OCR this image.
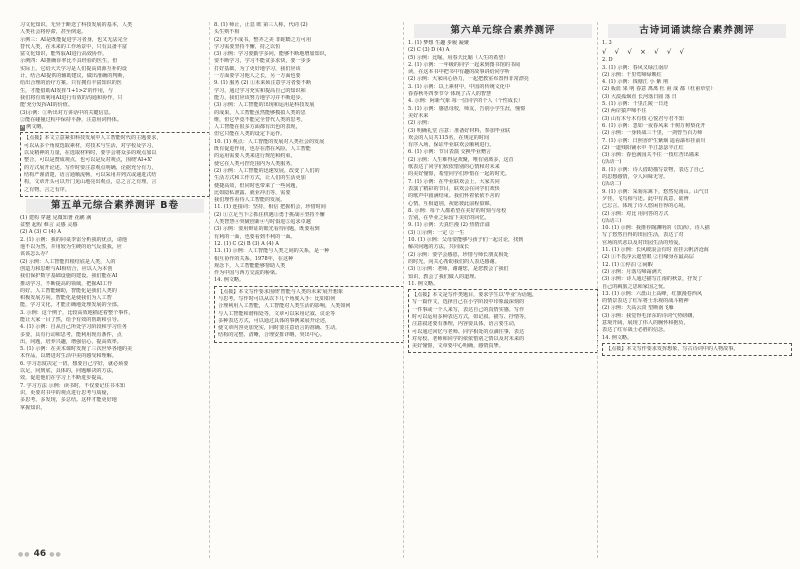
习文化知识。无异于断送了科技发展的基本，人类
人类社会将停滞，甚至倒退。
示例三：AI是既能促进学习者身，也又无法完全
替代人类，在未来的工作场景中，只有具备丰富
富文化知识，能驾驭AI进行高效协作。
示例四：AI推确诊率比不具经验的医生，但
实际上，它给大夫学习是人们提高资源互补的设
计，结合AI提供的辅助建议，做出准确的判断，
给出合理的治疗方案。只有拥有丰富知识的医
生，才能借助AI发挥'1+1>2'的作用，与
我们将有效利用AI进行有效的沟通和协作，只
能'充分发挥AI的价值。
(3)示例：①听出对方讲话中的关键信息。
②能在碰撞过程中保持平静，注意用词得体。
A 例文略。
【点拨】本文立意紧扣科技发展中人工智能时代的主题要求，
可以从多个角度选取素材，对技术与生活，对学校及学习，
以及精神的力量，在选取材料时，要学会将众多的观点加以
整合，可以是赞成观点，也可以是反对观点，围绕'AI+X'
的方式展开论述。写作时要注意观点明确，论据充分有力，
结构严谨清楚，语言通顺流畅，可以采用并列式或递进式结
构，文章开头可以开门见山地亮出观点，总之言之有理，言
之有物，言之有序。
第五单元综合素养测评 B卷
(1) 建构 穿越 见微知著 花鹂 满
盆整 起程 难言 灵感 灵感
(2) A (3) C (4) A
2. (1) 示例：我的同桌李雷分析我的优点，请他
他不以为然，并用较为生硬的语气反驳我，应
该该怎么办？
(2) 示例：人工智能归根结底是人类，人的
创造力和思维与AI相结合，应以人为本创
我们保护数字基础设施的建设。我们能在AI
推动学习，不断提高的领域，把握AI工作
的好。人工智能辅助，智能化是我们人类的
积极发展方向。智能化是使我们为人工智
能，学习文化，才能正确地处理发展的全部。
3. 示例：这个例子，比较高效地描述着整个事件，
能让大家一目了然，给予有效的帮助和引导。
4. (1) 示例：自从自己所处学习阶段和学习任务
多要，具有行动和思考，能利用现有条件，点
出，问题，培养兴趣，增强信心，提高效率。
5. (1) 示例：在美术课时发现了三次世界各地的美
术作品，以增进对生活中美的感受和理解。
6. 学习态度决定一切，想要自己学好，就必须要
以足，问到底，具体的，问题解决的方法，
效，促进他们在学习上不断进步提高。
7. 学习方法 示例：读书时，不仅要记住书本知
识，更要对书中的观点进行思考与质疑，
多思考，多发现，多总结。这样才能更好地
掌握知识。
8. (1) 师止，止息 欧 第三人称，代词 (2)
头生则不相
(2) 无巧不成书，整齐之美 非蛇蟒之方可用
学习需要坚持不懈，持之以恒
(3) 示例：学习要勤学多问，能够不断地增加知识，
要不断学习，学习不能贪多求快，要一步步
打好基础，为了更好地学习，我们应该
一方面要学习他人之长，另一方面也要
9. (1) 服务 (2) ①未来须注意学习者要不断
学习，通过学习充实和提高自己的知识和
能力，我们应该努力地学习并不断进步。
(3) 示例：人工智能的出现和运用是科技发展
的成果，人工智能虽然能够模拟人类的思
维，但它毕竟不能完全替代人类的思考。
人工智能在很多方面都有出色的表现，
但它只能在人类的设定下运作。
10. (1) 观点：人工智能的发展对人类社会的发展
既有促进作用，也存在潜在风险。人工智能
的运用需要人类来进行规范和约束，
使它在人类可控范围内为人类服务。
(2) 示例：人工智能的迅速发展，改变了人们的
生活方式和工作方式，让人们的生活更加
便捷高效，但同时也带来了一些问题，
比如隐私泄露、就业冲击等，需要
我们理性看待人工智能的发展。
11. (1) 连接词：坚持，相信 把握机会，珍惜时间
(2) ①立足当下②抓住机遇③勇于挑战④坚持不懈
人类智慧④突破创新④与时俱进⑤追求卓越
(3) 示例：要用辩证的眼光看待问题，既要看到
有利的一面，也要看到不利的一面。
12. (1) C (2) B (3) A (4) A
13. (1) 示例：人工智能与人类之间的关系，是一种
相互协作的关系。1978年，在这种
观念下，人工智能能够帮助人类
作为中国与西方交流的桥梁。
14. 例文略。
【点拨】本文写作要求围绕'智能与人类的未来'展开想象
与思考。写作时可以从以下几个角度入手：比如如何
合理利用人工智能，人工智能对人类生活的影响，人类如何
与人工智能和谐相处等，文章可以采用记叙、议论等
多种表达方式，可以通过具体的事例来展开论述，
使文章内容更加充实，同时要注意语言的准确、生动，
结构的完整、清晰，合理安排详略，突出中心。
第六单元综合素养测评
1. (1) 梦想 生趣 步履 凝聚
(2) C (3) D (4) A
(5) 示例：比喻，用春天比喻（人生的希望）
2. (1) 示例：一年级的同学一起来到图书馆的书阅
读，在这本书中把书中有趣的故事讲给同学听
(2) 示例：大家同心协力，一起把教室布置得非常漂亮
3. (1) 示例：以上素材中，中国的传统文化中
春春秋冬四季节令 体现了古人的智慧
4. 示例：阿新气象 每一位同学的个人（个性成长）
5. (1) 示例：感恩母校，师友，告别小学生涯，憧憬
美好未来
(2) 示例：
(3) 明确礼堂 注意：准备好材料，参加毕业联
欢会的人员共115名，在规定的时间
有序入场，保证毕业联欢会顺利进行。
6. (1) 示例：节目表演 交换毕业赠言
(2) 示例：人生难得是欢聚，唯有别离多，这首
歌表达了同学们依依惜别的心情和对未来
的美好憧憬，希望同学们珍惜在一起的时光。
7. (1) 示例：在毕业联欢会上，大家共同
表演了精彩的节目，联欢会在同学们欢快
的歌声中圆满结束。我们怀着依依不舍的
心情，互相道别，祝愿彼此前程似锦。
8. 示例：每个人都希望在美好的时刻与母校
告别，在毕业之际留下美好的回忆。
9. (1) 示例：天真烂漫 (2) 热情洋溢
(3) ①示例：一定 ②一生
10. (1) 示例：父母要能够与孩子们一起讨论，找到
解决问题的方法，共同成长
(2) 示例：要学会感恩，珍惜与师长朋友相处
的时光，向关心帮助我们的人表达感谢。
(3) ①示例：老师，谢谢您，是您教会了我们
知识，教会了我们做人的道理。
11. 例文略。
【点拨】本文是写作类题目，要求学生以'毕业'为话题，
写一篇作文，选择自己在小学阶段中印象最深刻的
一件事或一个人来写，表达自己的真情实感。写作
时可以运用多种表达方式，如记叙、描写、抒情等，
注意叙述要有条理，内容要具体，语言要生动，
可以通过回忆与老师、同学相处的点滴往事，表达
对母校、老师和同学的依依惜别之情以及对未来的
美好憧憬，文章要中心明确，感情真挚。
古诗词诵读综合素养测评
1. 3
√ √ √ × √ √ √
2. D
3. (1) 示例：春风又绿江南岸
(2) 示例：千里莺啼绿映红
4. (1) 示例：钱塘江 小 紫 荆
(2) 板蓝 果 明 春意 离离 杜 甫 成 都（杜甫草堂）
(3) 大漠孤烟直 长河落日圆 落 日
5. (1) 示例：千里江陵一日还
(2) 两岸猿声啼不住
(3) 山有木兮木有枝 心悦君兮君不知
6. (1) 示例：忽如一夜春风来 千树万树梨花开
(2) 示例：一身转战三千里，一剑曾当百万师
7. (1) 示例：日照香炉生紫烟 遥看瀑布挂前川
(2) 一道残阳铺水中 半江瑟瑟半江红
(3) 示例：春色满园关不住 一枝红杏出墙来
(活动一)
8. (1) 示例：诗人借助描写景物，表达了自己
的思想感情，令人回味无穷。
(活动二)
9. (1) 示例：采菊东篱下，悠然见南山。山气日
夕佳，飞鸟相与还。此中有真意，欲辨
已忘言。体现了诗人悠闲自得的心境。
(2) 示例：对比 用问答的方式
(活动三)
10. (1) 示例：我推荐陶渊明的《饮酒》，诗人描
写了悠然自得的田园生活，表达了对
官场的厌恶以及对田园生活的热爱。
11. (1) 示例：长风破浪会有时 直挂云帆济沧海
(2) ①不畏浮云遮望眼 ②自缘身在最高层
12. (1) ①停泊 ②闲暇
(2) 示例：月落乌啼霜满天
(3) 示例：诗人通过描写江南的秋景，抒发了
自己的羁旅之思和家国之忧。
13. (1) 示例：六盘山上高峰，红旗漫卷西风
的情景表达了红军将士乐观的战斗精神
(2) 示例：天高云淡 望断南飞雁
(3) 示例：我觉得毛泽东的诗词气势磅礴，
意境开阔，展现了伟人的胸怀和抱负，
表达了红军战士必胜的信念。
14. 例文略。
【点拨】本文写作要求发挥想象，写古诗词中的人物故事。
●● 46 ●●
